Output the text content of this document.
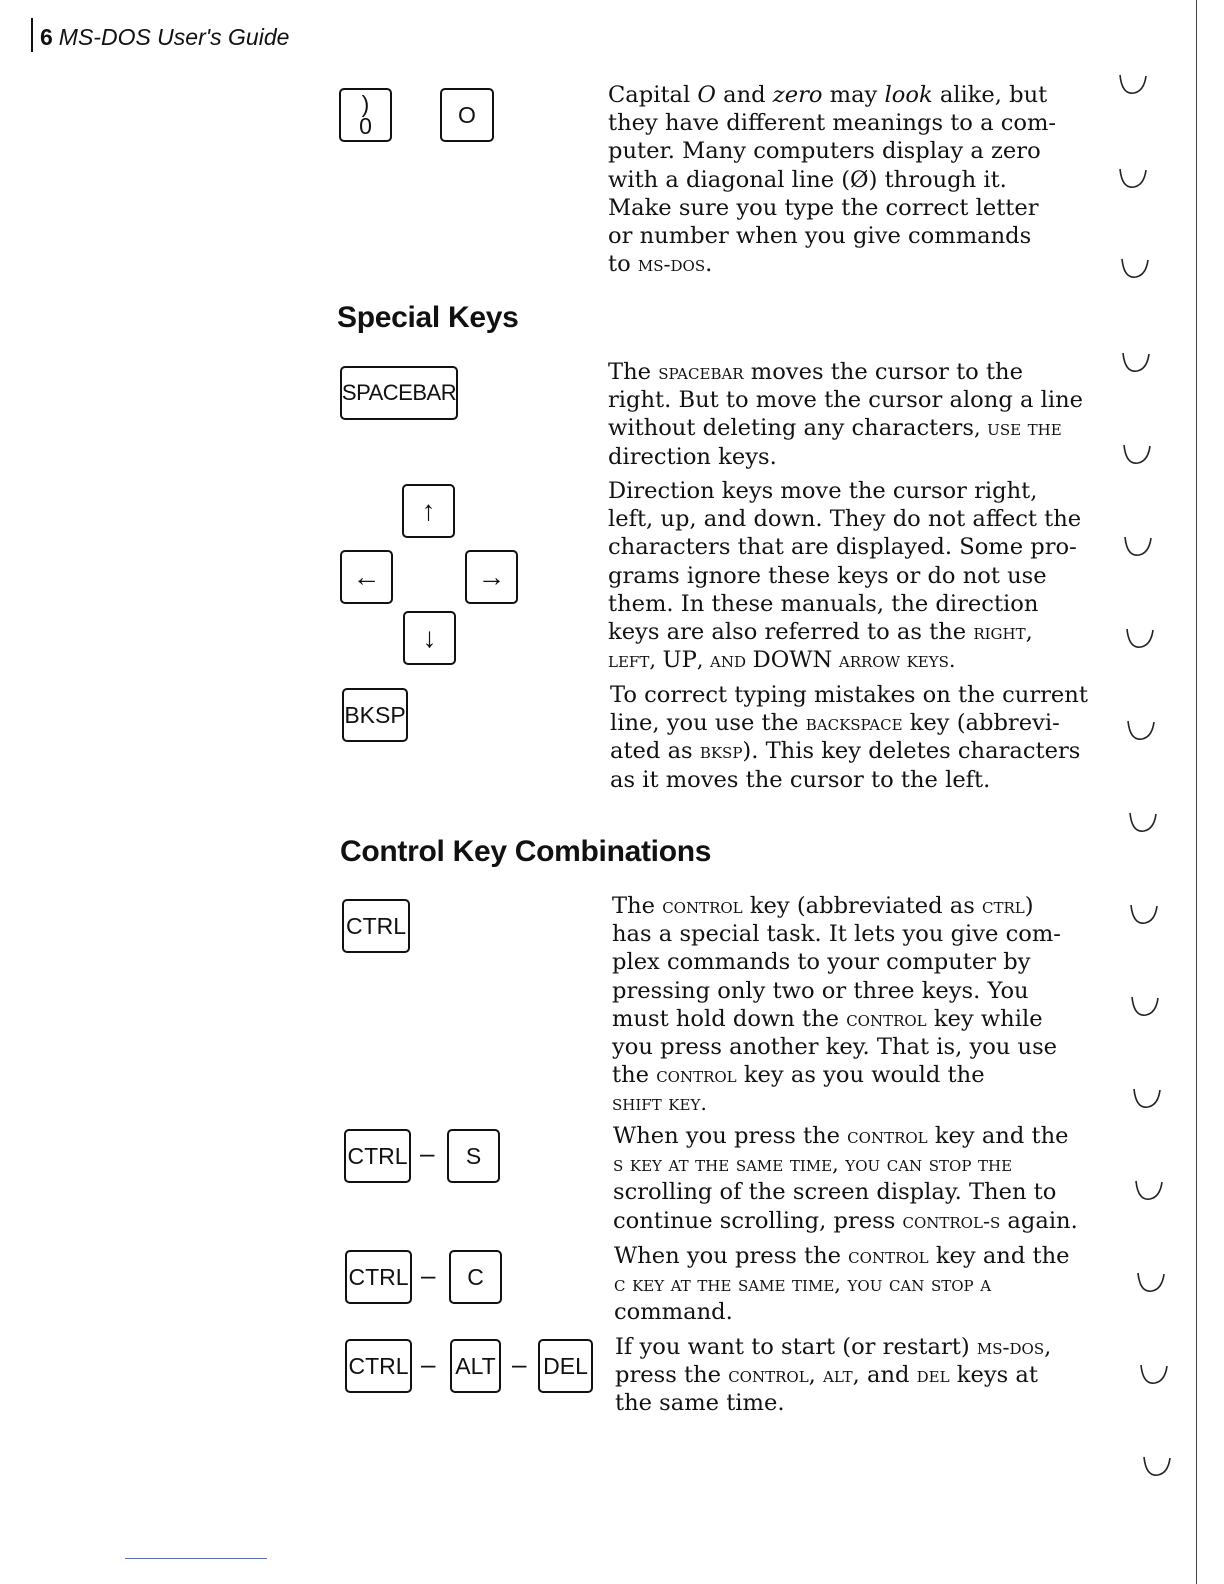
6 MS-DOS User's Guide
)
0	O
Capital O and zero may look alike, but
they have different meanings to a com-
puter. Many computers display a zero
with a diagonal line (Ø) through it.
Make sure you type the correct letter
or number when you give commands
to ms-dos.
Special Keys
SPACEBAR
The spacebar moves the cursor to the
right. But to move the cursor along a line
without deleting any characters, use the
direction keys.
↑
←	→
↓
Direction keys move the cursor right,
left, up, and down. They do not affect the
characters that are displayed. Some pro-
grams ignore these keys or do not use
them. In these manuals, the direction
keys are also referred to as the right,
left, UP, and DOWN arrow keys.
BKSP
To correct typing mistakes on the current
line, you use the backspace key (abbrevi-
ated as bksp). This key deletes characters
as it moves the cursor to the left.
Control Key Combinations
CTRL
The control key (abbreviated as ctrl)
has a special task. It lets you give com-
plex commands to your computer by
pressing only two or three keys. You
must hold down the control key while
you press another key. That is, you use
the control key as you would the
shift key.
CTRL – S
When you press the control key and the
s key at the same time, you can stop the
scrolling of the screen display. Then to
continue scrolling, press control-s again.
CTRL – C
When you press the control key and the
c key at the same time, you can stop a
command.
CTRL – ALT – DEL
If you want to start (or restart) ms-dos,
press the control, alt, and del keys at
the same time.
